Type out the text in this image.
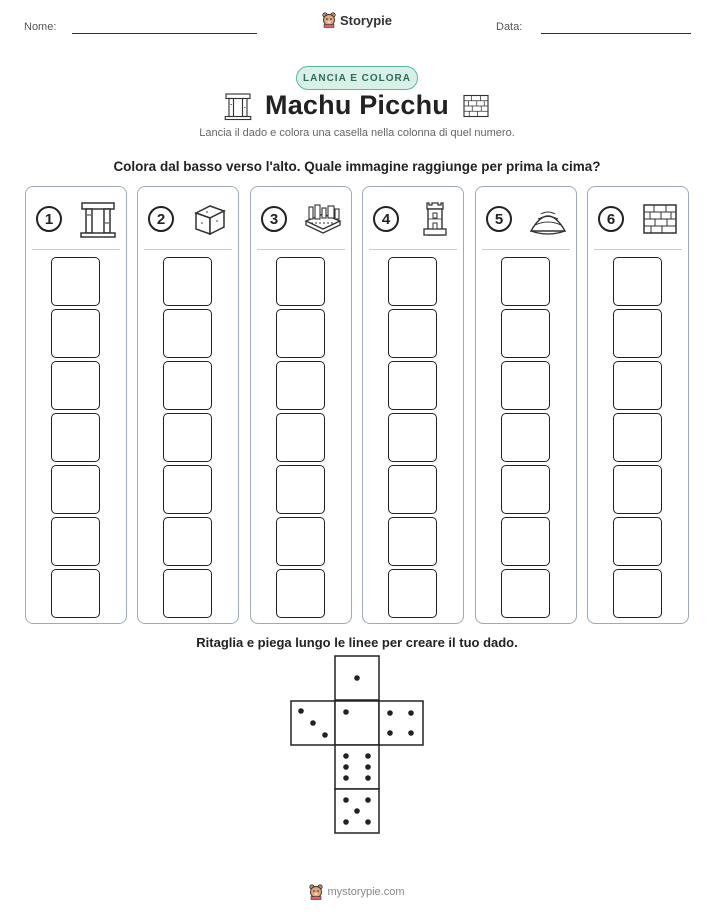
Nome:	Storypie	Data:
LANCIA E COLORA
Machu Picchu
Lancia il dado e colora una casella nella colonna di quel numero.
Colora dal basso verso l'alto. Quale immagine raggiunge per prima la cima?
1	2	3	4	5	6
Ritaglia e piega lungo le linee per creare il tuo dado.
mystorypie.com
